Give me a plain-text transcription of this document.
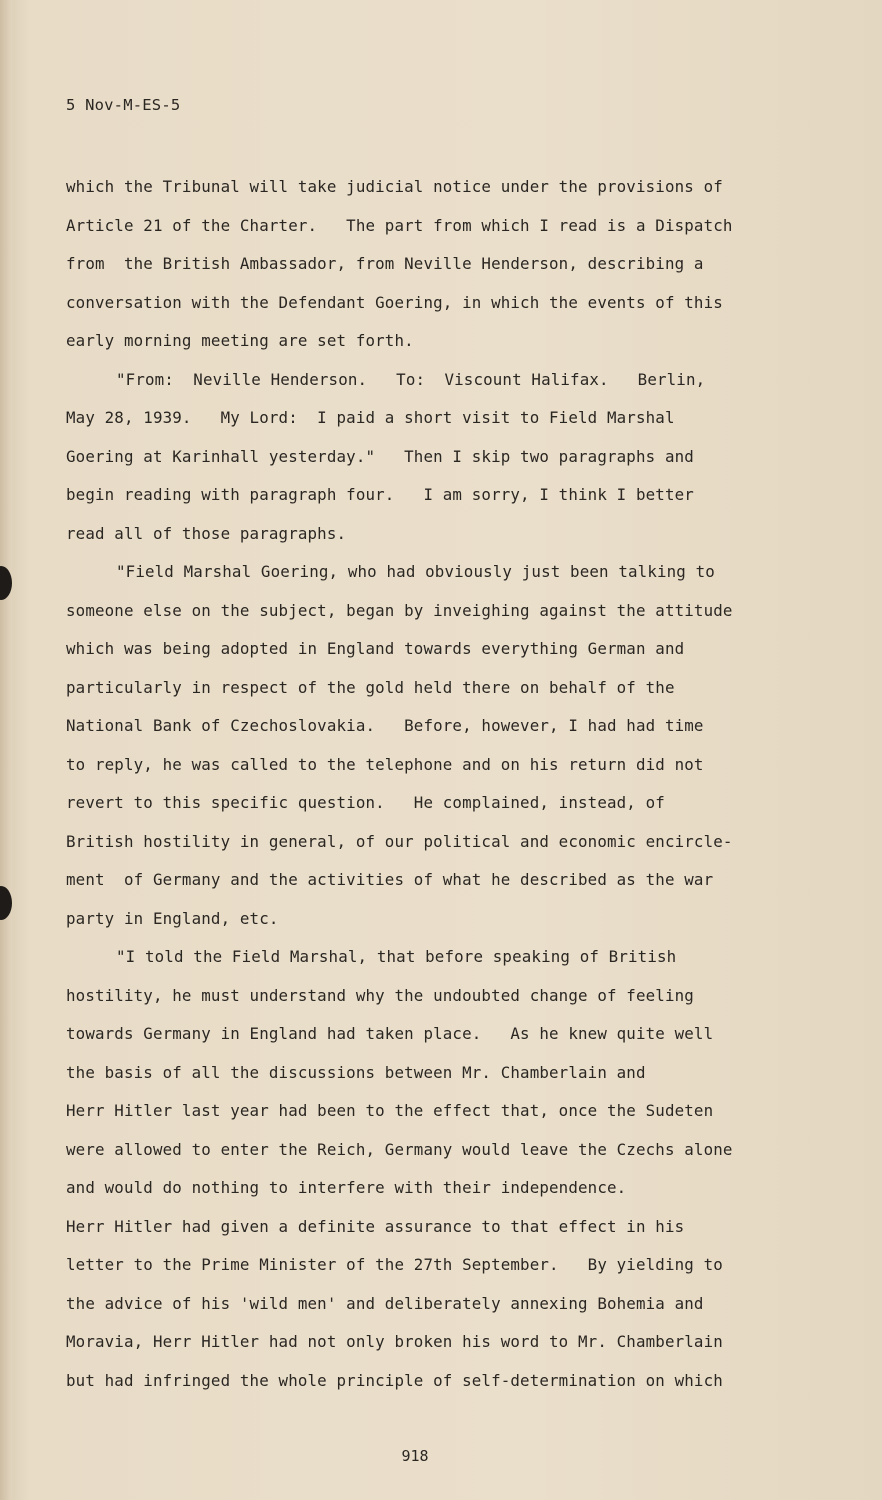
5 Nov-M-ES-5
which the Tribunal will take judicial notice under the provisions of
Article 21 of the Charter.   The part from which I read is a Dispatch
from  the British Ambassador, from Neville Henderson, describing a
conversation with the Defendant Goering, in which the events of this
early morning meeting are set forth.
"From:  Neville Henderson.   To:  Viscount Halifax.   Berlin,
May 28, 1939.   My Lord:  I paid a short visit to Field Marshal
Goering at Karinhall yesterday."   Then I skip two paragraphs and
begin reading with paragraph four.   I am sorry, I think I better
read all of those paragraphs.
"Field Marshal Goering, who had obviously just been talking to
someone else on the subject, began by inveighing against the attitude
which was being adopted in England towards everything German and
particularly in respect of the gold held there on behalf of the
National Bank of Czechoslovakia.   Before, however, I had had time
to reply, he was called to the telephone and on his return did not
revert to this specific question.   He complained, instead, of
British hostility in general, of our political and economic encircle-
ment  of Germany and the activities of what he described as the war
party in England, etc.
"I told the Field Marshal, that before speaking of British
hostility, he must understand why the undoubted change of feeling
towards Germany in England had taken place.   As he knew quite well
the basis of all the discussions between Mr. Chamberlain and
Herr Hitler last year had been to the effect that, once the Sudeten
were allowed to enter the Reich, Germany would leave the Czechs alone
and would do nothing to interfere with their independence.
Herr Hitler had given a definite assurance to that effect in his
letter to the Prime Minister of the 27th September.   By yielding to
the advice of his 'wild men' and deliberately annexing Bohemia and
Moravia, Herr Hitler had not only broken his word to Mr. Chamberlain
but had infringed the whole principle of self-determination on which
918
